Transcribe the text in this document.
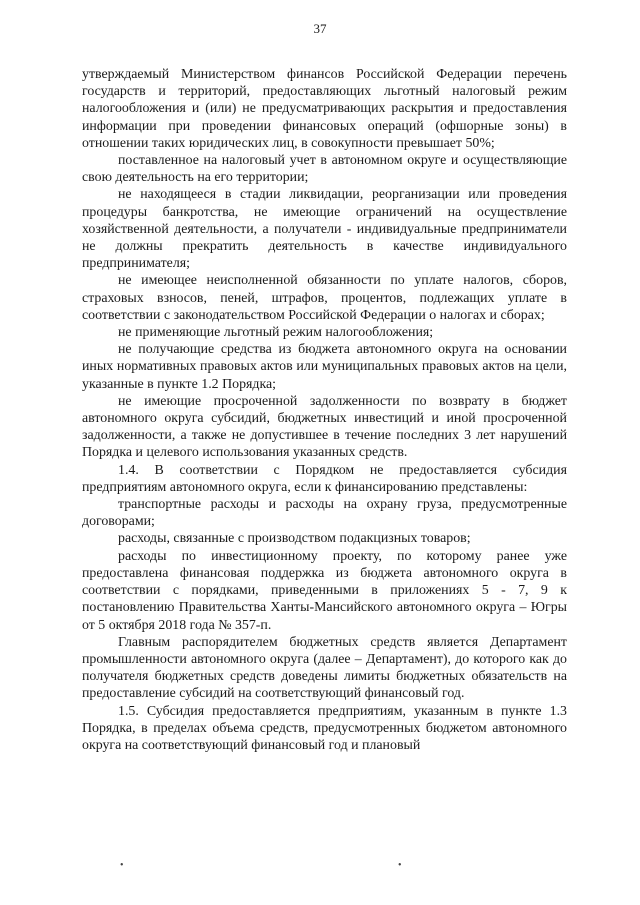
37

утверждаемый Министерством финансов Российской Федерации перечень государств и территорий, предоставляющих льготный налоговый режим налогообложения и (или) не предусматривающих раскрытия и предоставления информации при проведении финансовых операций (офшорные зоны) в отношении таких юридических лиц, в совокупности превышает 50%;

поставленное на налоговый учет в автономном округе и осуществляющие свою деятельность на его территории;

не находящееся в стадии ликвидации, реорганизации или проведения процедуры банкротства, не имеющие ограничений на осуществление хозяйственной деятельности, а получатели - индивидуальные предприниматели не должны прекратить деятельность в качестве индивидуального предпринимателя;

не имеющее неисполненной обязанности по уплате налогов, сборов, страховых взносов, пеней, штрафов, процентов, подлежащих уплате в соответствии с законодательством Российской Федерации о налогах и сборах;

не применяющие льготный режим налогообложения;

не получающие средства из бюджета автономного округа на основании иных нормативных правовых актов или муниципальных правовых актов на цели, указанные в пункте 1.2 Порядка;

не имеющие просроченной задолженности по возврату в бюджет автономного округа субсидий, бюджетных инвестиций и иной просроченной задолженности, а также не допустившее в течение последних 3 лет нарушений Порядка и целевого использования указанных средств.

1.4. В соответствии с Порядком не предоставляется субсидия предприятиям автономного округа, если к финансированию представлены:

транспортные расходы и расходы на охрану груза, предусмотренные договорами;

расходы, связанные с производством подакцизных товаров;

расходы по инвестиционному проекту, по которому ранее уже предоставлена финансовая поддержка из бюджета автономного округа в соответствии с порядками, приведенными в приложениях 5 - 7, 9 к постановлению Правительства Ханты-Мансийского автономного округа – Югры от 5 октября 2018 года № 357-п.

Главным распорядителем бюджетных средств является Департамент промышленности автономного округа (далее – Департамент), до которого как до получателя бюджетных средств доведены лимиты бюджетных обязательств на предоставление субсидий на соответствующий финансовый год.

1.5. Субсидия предоставляется предприятиям, указанным в пункте 1.3 Порядка, в пределах объема средств, предусмотренных бюджетом автономного округа на соответствующий финансовый год и плановый

•	•
